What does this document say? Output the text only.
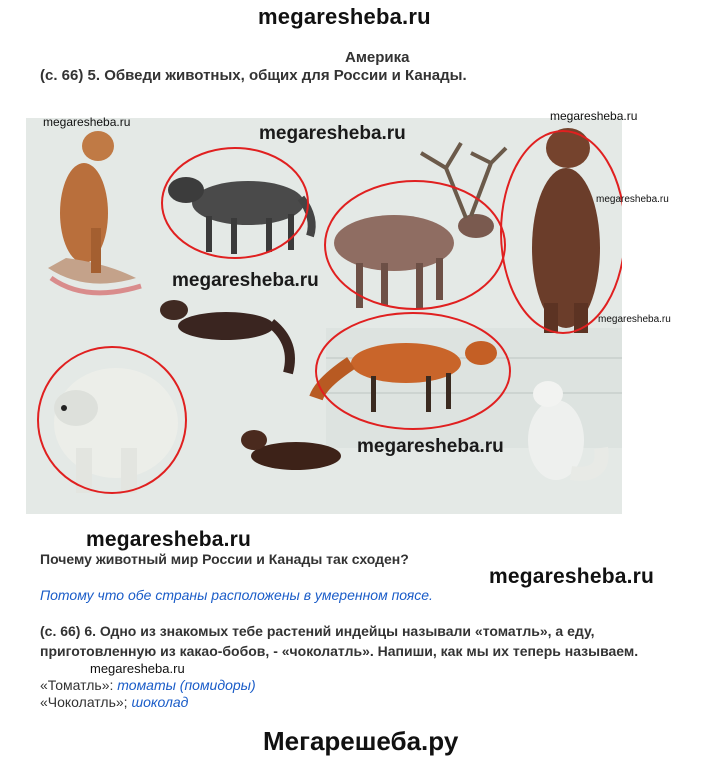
megaresheba.ru
Америка
(с. 66) 5. Обведи животных, общих для России и Канады.
megaresheba.ru	megaresheba.ru
megaresheba.ru
megaresheba.ru
megaresheba.ru
megaresheba.ru
megaresheba.ru
megaresheba.ru
Почему животный мир России и Канады так сходен?
megaresheba.ru
Потому что обе страны расположены в умеренном поясе.
(с. 66) 6. Одно из знакомых тебе растений индейцы называли «томатль», а еду,
приготовленную из какао-бобов, - «чоколатль». Напиши, как мы их теперь называем.
megaresheba.ru
«Томатль»: томаты (помидоры)
«Чоколатль»; шоколад
Мегарешеба.ру
